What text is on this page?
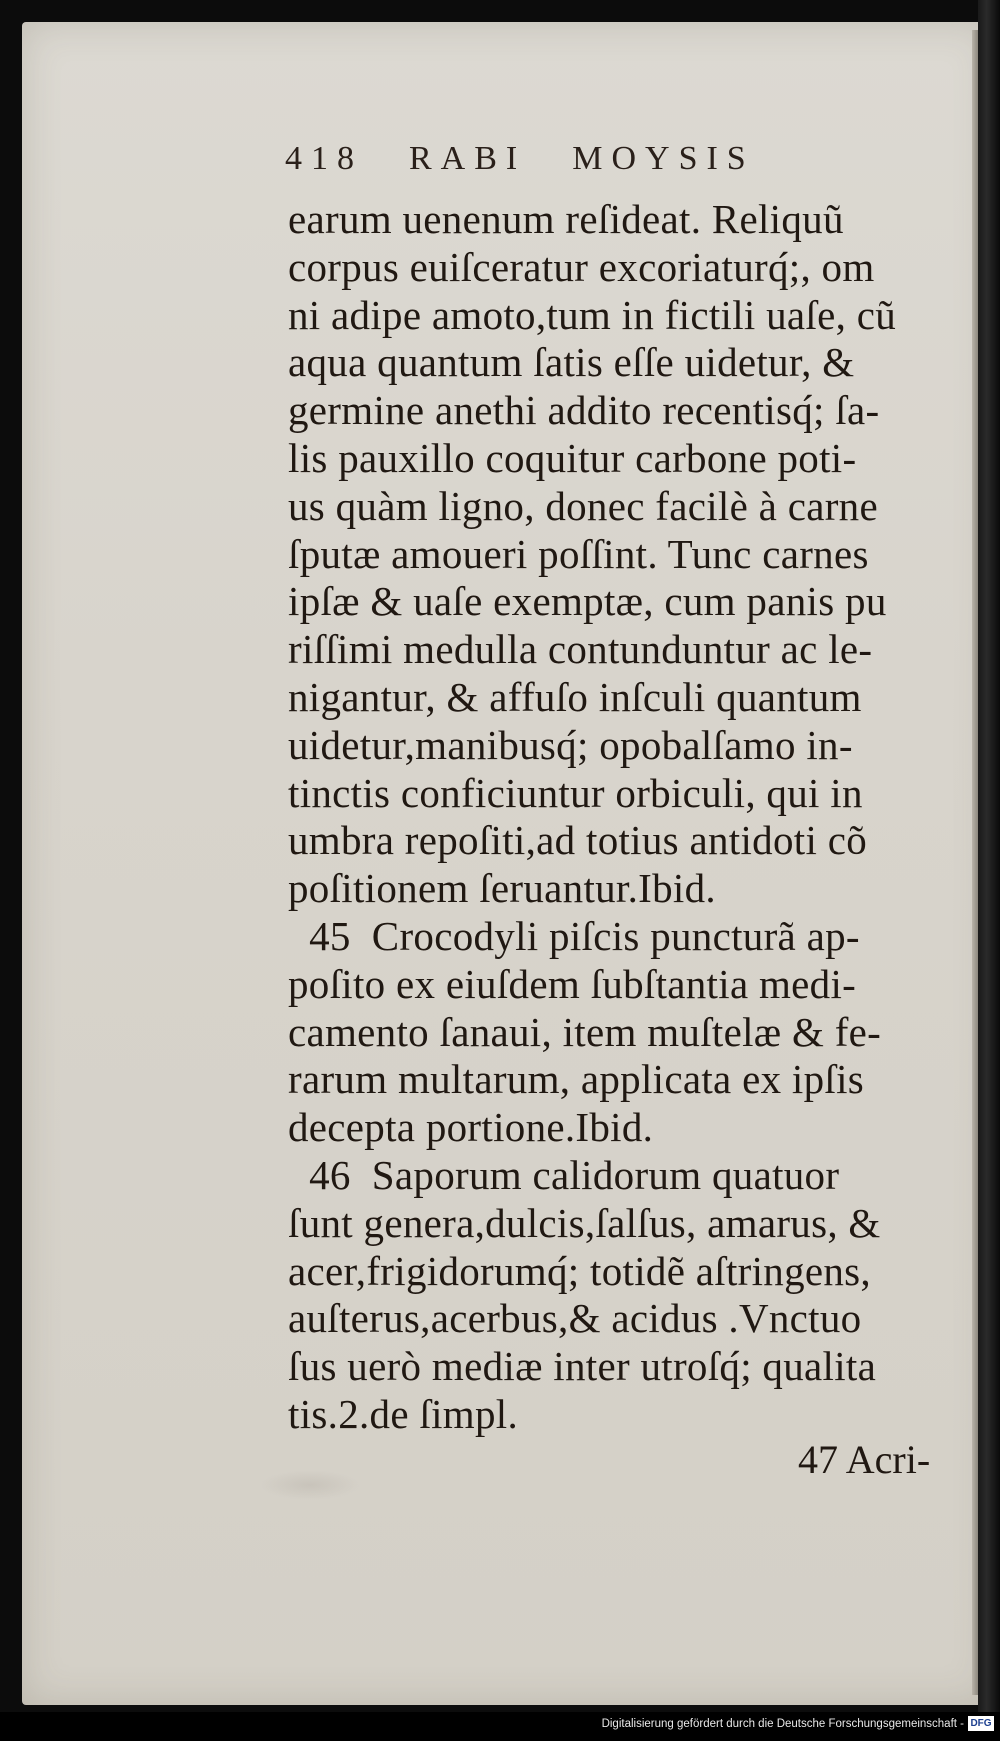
418 RABI MOYSIS
earum uenenum reſideat. Reliquũ
corpus euiſceratur excoriaturq́;, om
ni adipe amoto,tum in fictili uaſe, cũ
aqua quantum ſatis eſſe uidetur, &
germine anethi addito recentisq́; ſa-
lis pauxillo coquitur carbone poti-
us quàm ligno, donec facilè à carne
ſputæ amoueri poſſint. Tunc carnes
ipſæ & uaſe exemptæ, cum panis pu
riſſimi medulla contunduntur ac le-
nigantur, & affuſo inſculi quantum
uidetur,manibusq́; opobalſamo in-
tinctis conficiuntur orbiculi, qui in
umbra repoſiti,ad totius antidoti cõ
poſitionem ſeruantur.Ibid.
45  Crocodyli piſcis puncturã ap-
poſito ex eiuſdem ſubſtantia medi-
camento ſanaui, item muſtelæ & fe-
rarum multarum, applicata ex ipſis
decepta portione.Ibid.
46  Saporum calidorum quatuor
ſunt genera,dulcis,ſalſus, amarus, &
acer,frigidorumq́; totidẽ aſtringens,
auſterus,acerbus,& acidus .Vnctuo
ſus uerò mediæ inter utroſq́; qualita
tis.2.de ſimpl.
47 Acri-
Digitalisierung gefördert durch die Deutsche Forschungsgemeinschaft - DFG
